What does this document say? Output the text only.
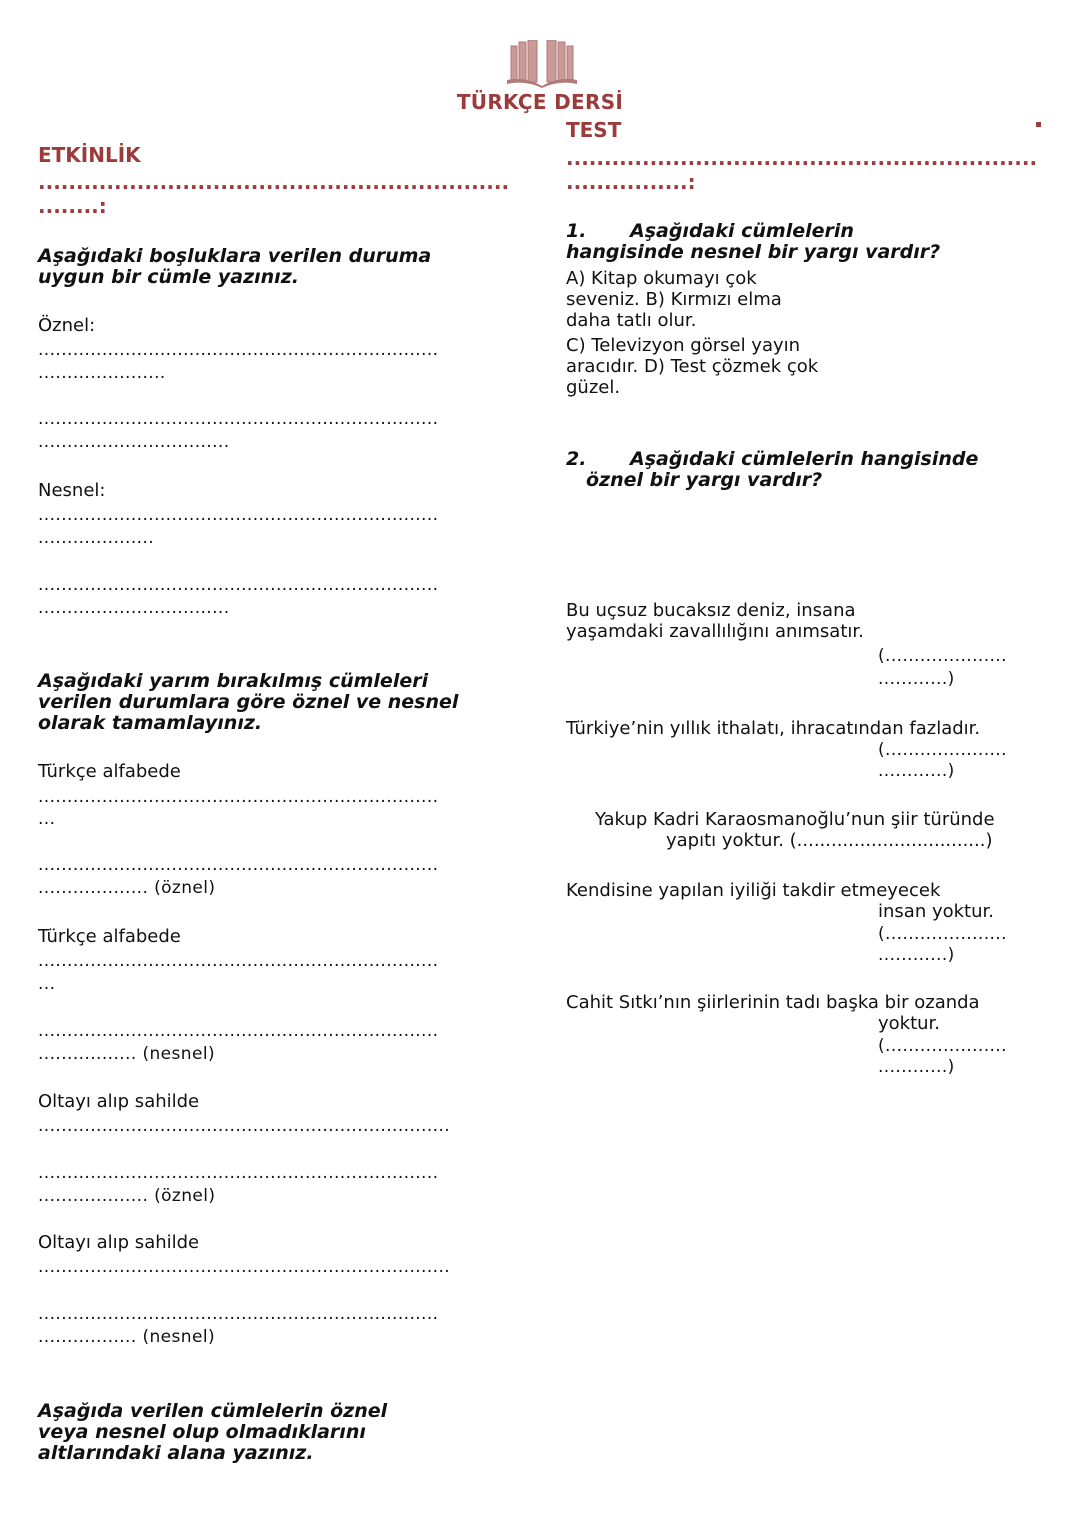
TÜRKÇE DERSİ
ETKİNLİK
..............................................................
........:
Aşağıdaki boşluklara verilen duruma uygun bir cümle yazınız.
Öznel:
.....................................................................
......................
.....................................................................
.................................
Nesnel:
.....................................................................
....................
.....................................................................
.................................
Aşağıdaki yarım bırakılmış cümleleri verilen durumlara göre öznel ve nesnel olarak tamamlayınız.
Türkçe alfabede
.....................................................................
...
.....................................................................
................... (öznel)
Türkçe alfabede
.....................................................................
...
.....................................................................
................. (nesnel)
Oltayı alıp sahilde
.......................................................................
.....................................................................
................... (öznel)
Oltayı alıp sahilde
.......................................................................
.....................................................................
................. (nesnel)
Aşağıda verilen cümlelerin öznel veya nesnel olup olmadıklarını altlarındaki alana yazınız.
TEST
..............................................................
................:
1. Aşağıdaki cümlelerin
hangisinde nesnel bir yargı vardır?
A) Kitap okumayı çok seveniz. B) Kırmızı elma daha tatlı olur.
C) Televizyon görsel yayın aracıdır. D) Test çözmek çok güzel.
2. Aşağıdaki cümlelerin hangisinde
öznel bir yargı vardır?
Bu uçsuz bucaksız deniz, insana yaşamdaki zavallılığını anımsatır.
(.....................
............)
Türkiye’nin yıllık ithalatı, ihracatından fazladır.
(.....................
............)
Yakup Kadri Karaosmanoğlu’nun şiir türünde
yapıtı yoktur. (.................................)
Kendisine yapılan iyiliği takdir etmeyecek
insan yoktur.
(.....................
............)
Cahit Sıtkı’nın şiirlerinin tadı başka bir ozanda
yoktur.
(.....................
............)
